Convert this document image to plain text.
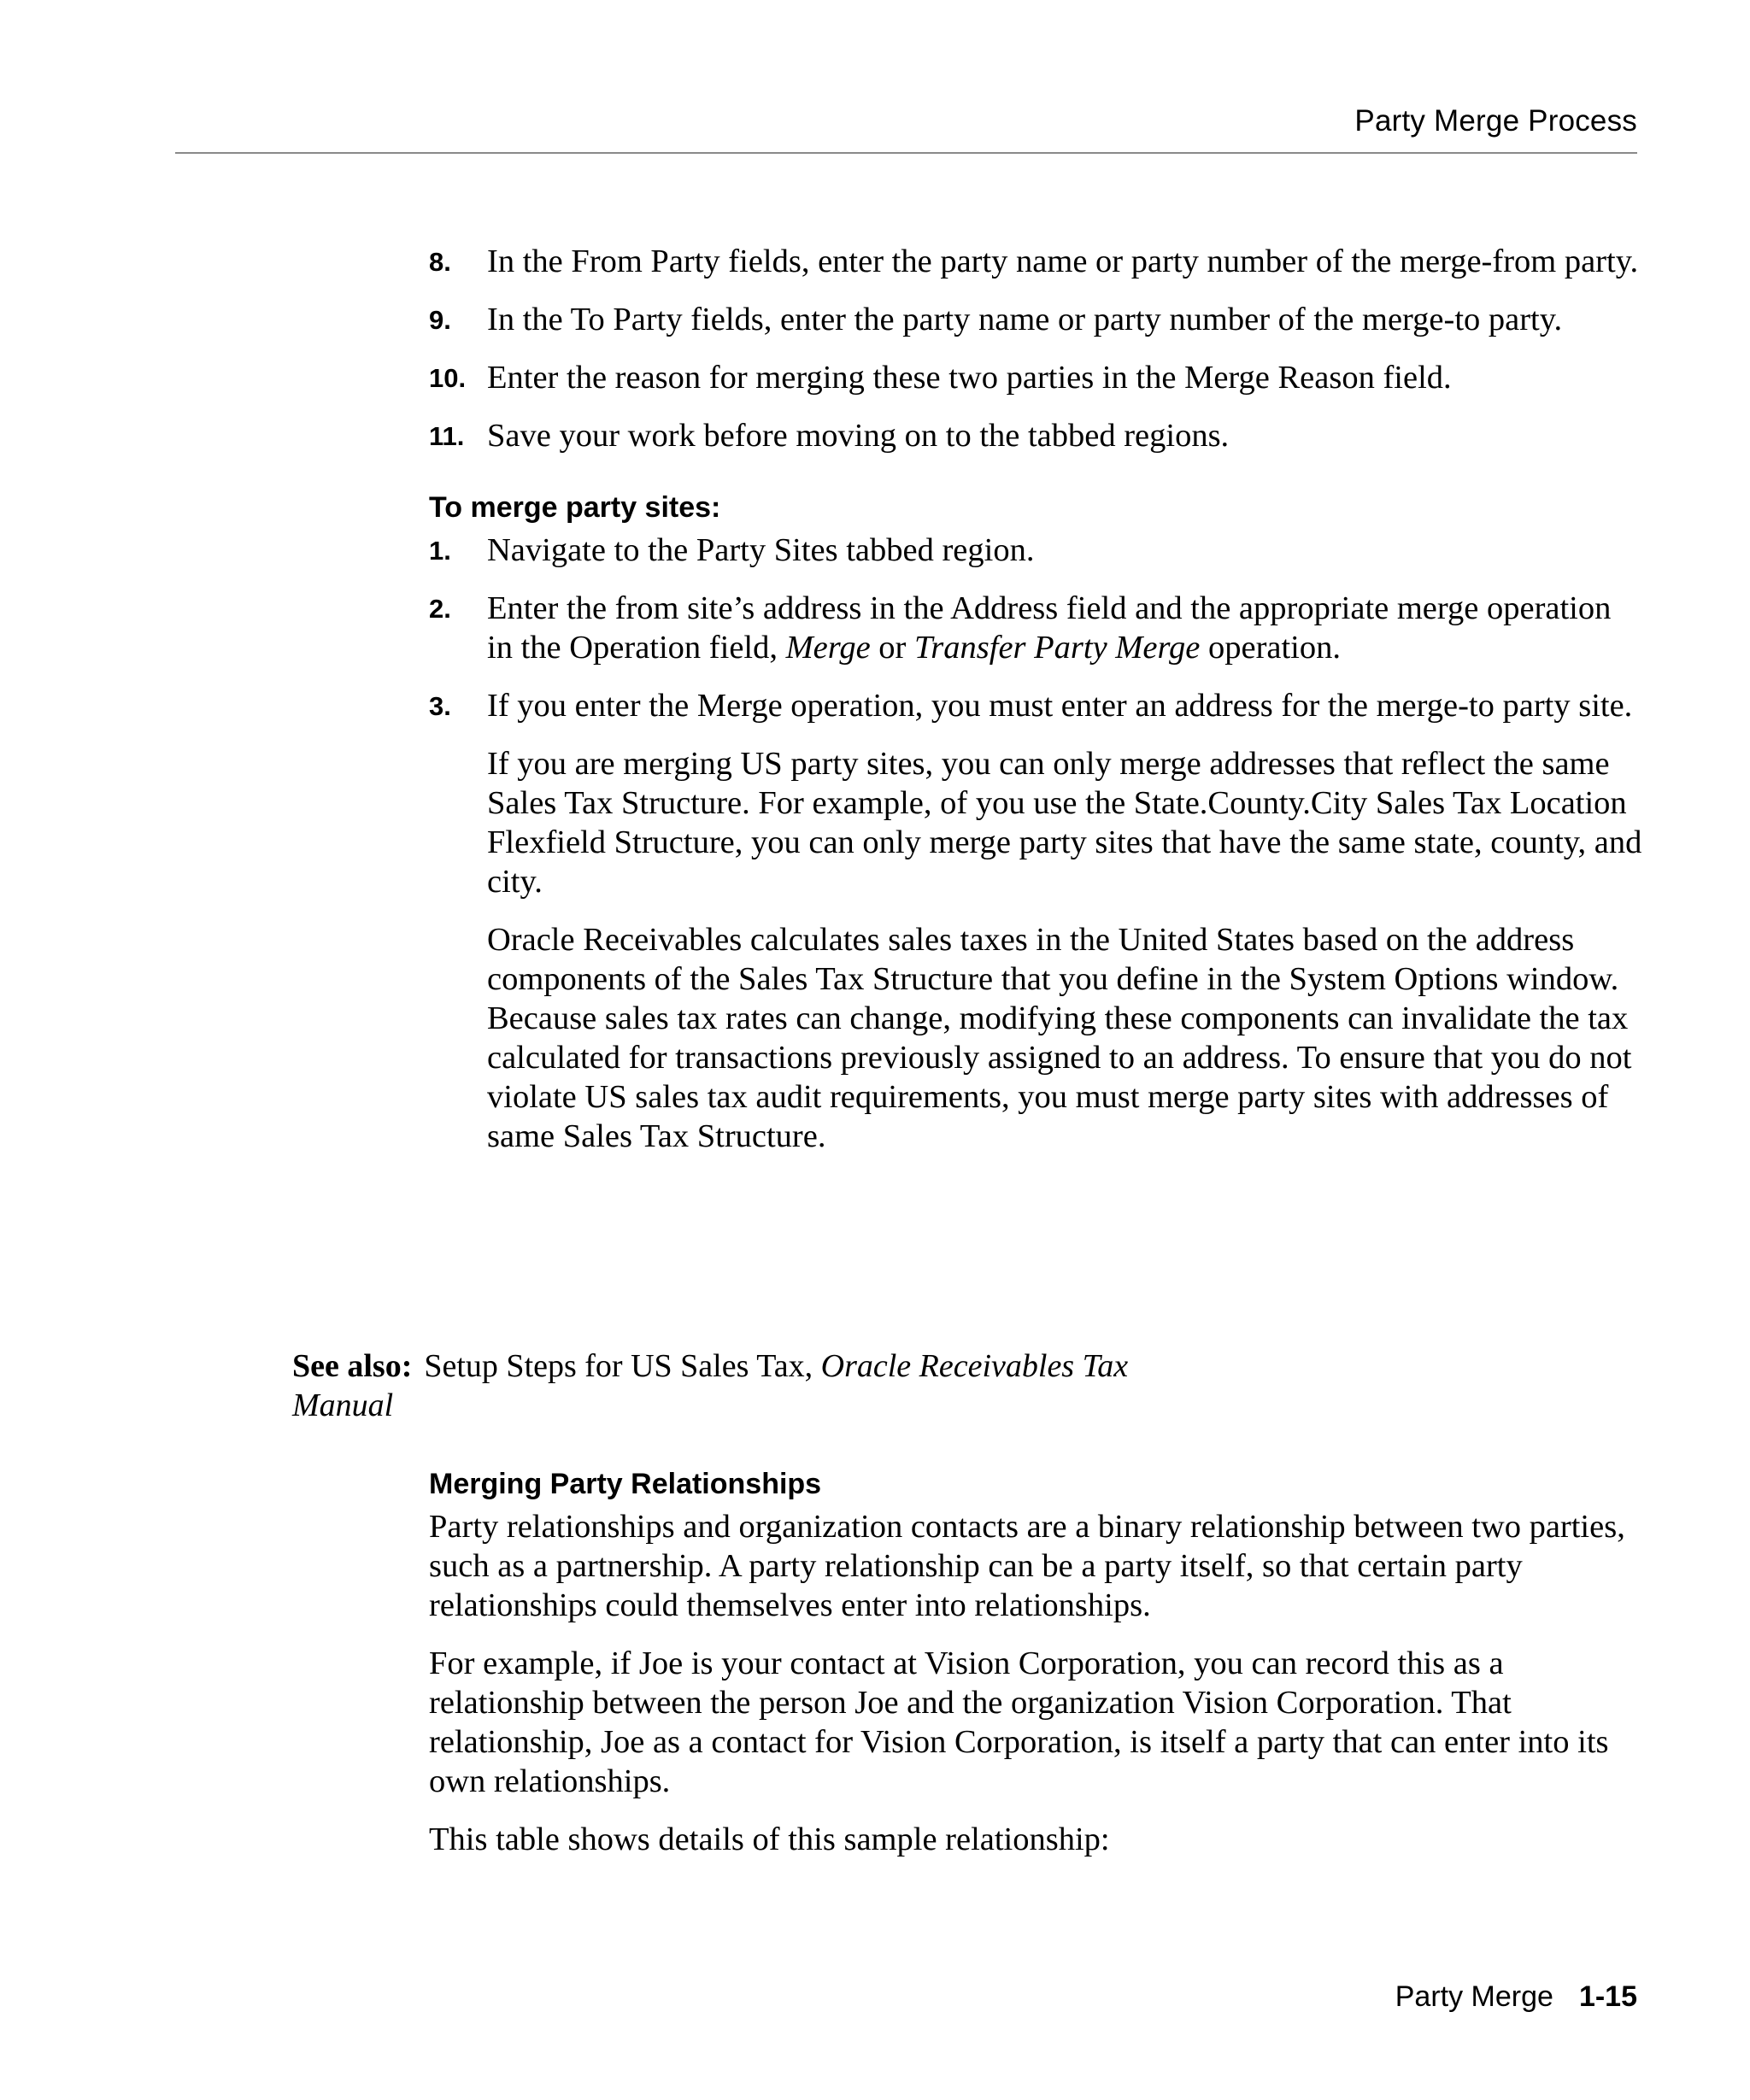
Party Merge Process
8. In the From Party fields, enter the party name or party number of the merge-from party.
9. In the To Party fields, enter the party name or party number of the merge-to party.
10. Enter the reason for merging these two parties in the Merge Reason field.
11. Save your work before moving on to the tabbed regions.
To merge party sites:
1. Navigate to the Party Sites tabbed region.
2. Enter the from site’s address in the Address field and the appropriate merge operation in the Operation field, Merge or Transfer Party Merge operation.
3. If you enter the Merge operation, you must enter an address for the merge-to party site.

If you are merging US party sites, you can only merge addresses that reflect the same Sales Tax Structure. For example, of you use the State.County.City Sales Tax Location Flexfield Structure, you can only merge party sites that have the same state, county, and city.

Oracle Receivables calculates sales taxes in the United States based on the address components of the Sales Tax Structure that you define in the System Options window. Because sales tax rates can change, modifying these components can invalidate the tax calculated for transactions previously assigned to an address. To ensure that you do not violate US sales tax audit requirements, you must merge party sites with addresses of same Sales Tax Structure.

See also: Setup Steps for US Sales Tax, Oracle Receivables Tax Manual
Merging Party Relationships

Party relationships and organization contacts are a binary relationship between two parties, such as a partnership. A party relationship can be a party itself, so that certain party relationships could themselves enter into relationships.

For example, if Joe is your contact at Vision Corporation, you can record this as a relationship between the person Joe and the organization Vision Corporation. That relationship, Joe as a contact for Vision Corporation, is itself a party that can enter into its own relationships.

This table shows details of this sample relationship:

Party Merge 1-15
